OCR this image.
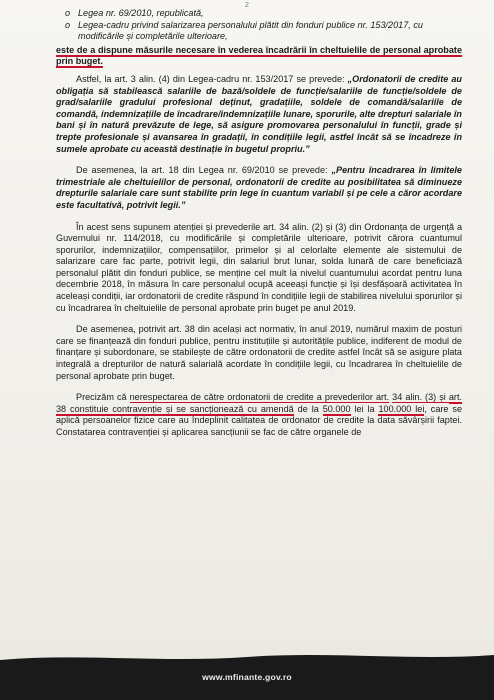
2
o Legea nr. 69/2010, republicată,
o Legea-cadru privind salarizarea personalului plătit din fonduri publice nr. 153/2017, cu modificările și completările ulterioare,

este de a dispune măsurile necesare în vederea încadrării în cheltuielile de personal aprobate prin buget.

Astfel, la art. 3 alin. (4) din Legea-cadru nr. 153/2017 se prevede: „Ordonatorii de credite au obligația să stabilească salariile de bază/soldele de funcție/salariile de funcție/soldele de grad/salariile gradului profesional deținut, gradațiile, soldele de comandă/salariile de comandă, indemnizațiile de încadrare/indemnizațiile lunare, sporurile, alte drepturi salariale în bani și în natură prevăzute de lege, să asigure promovarea personalului în funcții, grade și trepte profesionale și avansarea în gradații, în condițiile legii, astfel încât să se încadreze în sumele aprobate cu această destinație în bugetul propriu.”

De asemenea, la art. 18 din Legea nr. 69/2010 se prevede: „Pentru încadrarea în limitele trimestriale ale cheltuielilor de personal, ordonatorii de credite au posibilitatea să diminueze drepturile salariale care sunt stabilite prin lege în cuantum variabil și pe cele a căror acordare este facultativă, potrivit legii.”

În acest sens supunem atenției și prevederile art. 34 alin. (2) și (3) din Ordonanța de urgență a Guvernului nr. 114/2018, cu modificările și completările ulterioare, potrivit cărora cuantumul sporurilor, indemnizațiilor, compensațiilor, primelor și al celorlalte elemente ale sistemului de salarizare care fac parte, potrivit legii, din salariul brut lunar, solda lunară de care beneficiază personalul plătit din fonduri publice, se menține cel mult la nivelul cuantumului acordat pentru luna decembrie 2018, în măsura în care personalul ocupă aceeași funcție și își desfășoară activitatea în aceleași condiții, iar ordonatorii de credite răspund în condițiile legii de stabilirea nivelului sporurilor și cu încadrarea în cheltuielile de personal aprobate prin buget pe anul 2019.

De asemenea, potrivit art. 38 din același act normativ, în anul 2019, numărul maxim de posturi care se finanțează din fonduri publice, pentru instituțiile și autoritățile publice, indiferent de modul de finanțare și subordonare, se stabilește de către ordonatorii de credite astfel încât să se asigure plata integrală a drepturilor de natură salarială acordate în condițiile legii, cu încadrarea în cheltuielile de personal aprobate prin buget.

Precizăm că nerespectarea de către ordonatorii de credite a prevederilor art. 34 alin. (3) și art. 38 constituie contravenție și se sancționează cu amendă de la 50.000 lei la 100.000 lei, care se aplică persoanelor fizice care au îndeplinit calitatea de ordonator de credite la data săvârșirii faptei. Constatarea contravenției și aplicarea sancțiunii se fac de către organele de

www.mfinante.gov.ro
